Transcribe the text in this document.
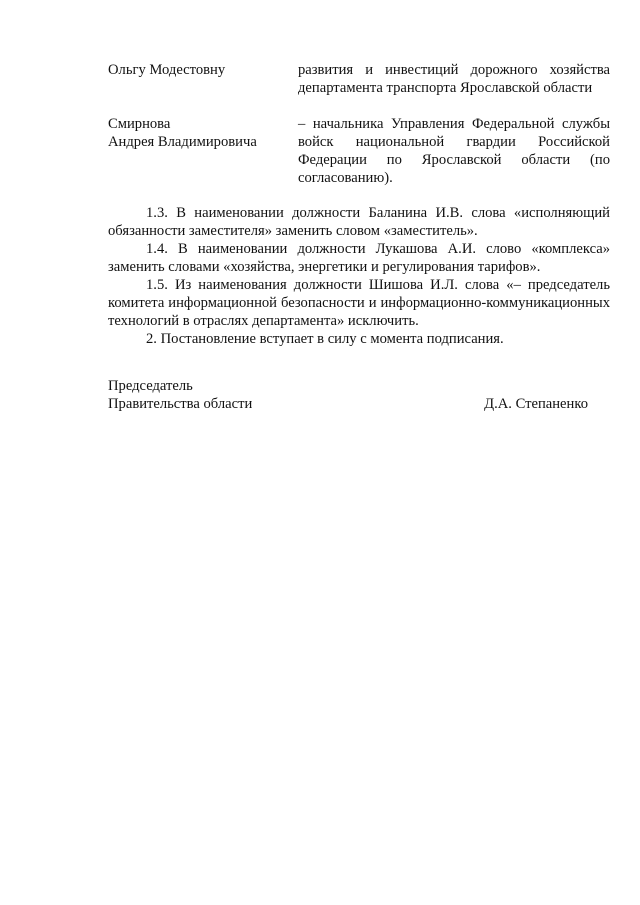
Ольгу Модестовну	развития и инвестиций дорожного хозяйства департамента транспорта Ярославской области
Смирнова
Андрея Владимировича
– начальника Управления Федеральной службы войск национальной гвардии Российской Федерации по Ярославской области (по согласованию).
1.3. В наименовании должности Баланина И.В. слова «исполняющий обязанности заместителя» заменить словом «заместитель».
1.4. В наименовании должности Лукашова А.И. слово «комплекса» заменить словами «хозяйства, энергетики и регулирования тарифов».
1.5. Из наименования должности Шишова И.Л. слова «– председатель комитета информационной безопасности и информационно-коммуникационных технологий в отраслях департамента» исключить.
2. Постановление вступает в силу с момента подписания.
Председатель
Правительства области	Д.А. Степаненко
